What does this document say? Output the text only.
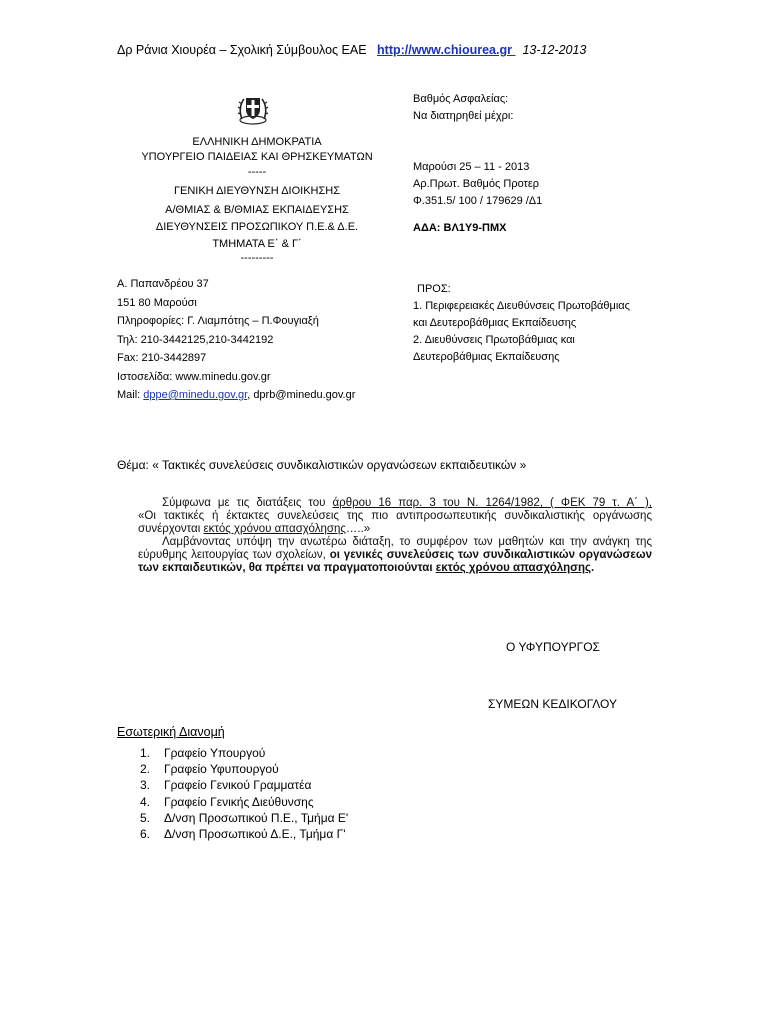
Δρ Ράνια Χιουρέα – Σχολική Σύμβουλος ΕΑΕ http://www.chiourea.gr   13-12-2013
ΕΛΛΗΝΙΚΗ ΔΗΜΟΚΡΑΤΙΑ
ΥΠΟΥΡΓΕΙΟ ΠΑΙΔΕΙΑΣ ΚΑΙ ΘΡΗΣΚΕΥΜΑΤΩΝ
-----
ΓΕΝΙΚΗ ΔΙΕΥΘΥΝΣΗ ΔΙΟΙΚΗΣΗΣ
Α/ΘΜΙΑΣ & Β/ΘΜΙΑΣ ΕΚΠΑΙΔΕΥΣΗΣ
ΔΙΕΥΘΥΝΣΕΙΣ ΠΡΟΣΩΠΙΚΟΥ Π.Ε.& Δ.Ε.
ΤΜΗΜΑΤΑ Ε΄ & Γ΄
---------
Βαθμός Ασφαλείας:
Να διατηρηθεί μέχρι:
Μαρούσι 25 – 11 - 2013
Αρ.Πρωτ. Βαθμός Προτερ
Φ.351.5/ 100 / 179629 /Δ1
ΑΔΑ: ΒΛ1Υ9-ΠΜΧ
Α. Παπανδρέου 37
151 80 Μαρούσι
Πληροφορίες: Γ. Λιαμπότης – Π.Φουγιαξή
Τηλ: 210-3442125,210-3442192
Fax: 210-3442897
Ιστοσελίδα: www.minedu.gov.gr
Mail: dppe@minedu.gov.gr, dprb@minedu.gov.gr
ΠΡΟΣ:
1. Περιφερειακές Διευθύνσεις Πρωτοβάθμιας
και Δευτεροβάθμιας Εκπαίδευσης
2. Διευθύνσεις Πρωτοβάθμιας και
Δευτεροβάθμιας Εκπαίδευσης
Θέμα: « Τακτικές συνελεύσεις συνδικαλιστικών οργανώσεων εκπαιδευτικών »

Σύμφωνα με τις διατάξεις του άρθρου 16 παρ. 3 του Ν. 1264/1982, ( ΦΕΚ 79 τ. Α΄ ),

«Οι τακτικές ή έκτακτες συνελεύσεις της πιο αντιπροσωπευτικής συνδικαλιστικής οργάνωσης συνέρχονται εκτός χρόνου απασχόλησης…..»

Λαμβάνοντας υπόψη την ανωτέρω διάταξη, το συμφέρον των μαθητών και την ανάγκη της εύρυθμης λειτουργίας των σχολείων, οι γενικές συνελεύσεις των συνδικαλιστικών οργανώσεων των εκπαιδευτικών, θα πρέπει να πραγματοποιούνται εκτός χρόνου απασχόλησης.

Ο ΥΦΥΠΟΥΡΓΟΣ
ΣΥΜΕΩΝ ΚΕΔΙΚΟΓΛΟΥ
Εσωτερική Διανομή
1. Γραφείο Υπουργού
2. Γραφείο Υφυπουργού
3. Γραφείο Γενικού Γραμματέα
4. Γραφείο Γενικής Διεύθυνσης
5. Δ/νση Προσωπικού Π.Ε., Τμήμα Ε'
6. Δ/νση Προσωπικού Δ.Ε., Τμήμα Γ'
